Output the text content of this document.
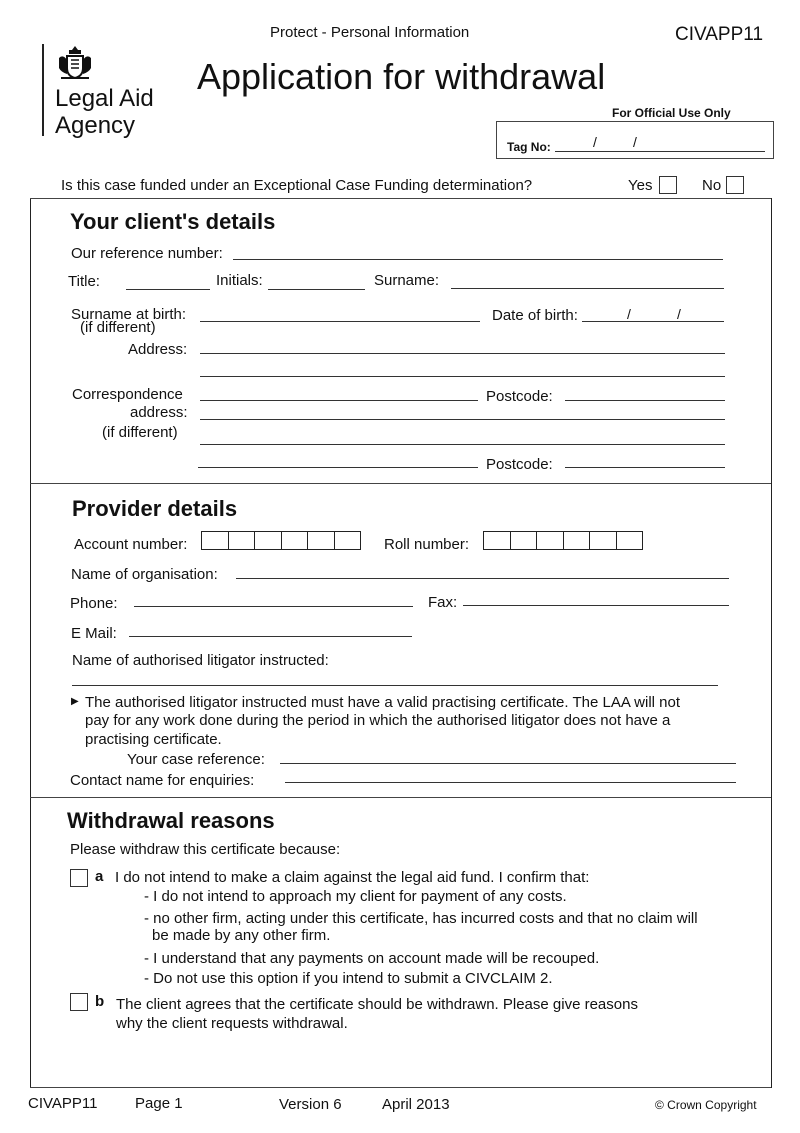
Protect - Personal Information	CIVAPP11
Legal Aid
Agency
Application for withdrawal
For Official Use Only
Tag No:	/	/
Is this case funded under an Exceptional Case Funding determination?	Yes	No
Your client's details
Our reference number:
Title:	Initials:	Surname:
Surname at birth:
(if different)
Date of birth:	/	/
Address:
Correspondence
address:
(if different)
Postcode:
Postcode:
Provider details
Account number:	Roll number:
Name of organisation:
Phone:	Fax:
E Mail:
Name of authorised litigator instructed:
▶ The authorised litigator instructed must have a valid practising certificate. The LAA will not
pay for any work done during the period in which the authorised litigator does not have a
practising certificate.
Your case reference:
Contact name for enquiries:
Withdrawal reasons
Please withdraw this certificate because:
a I do not intend to make a claim against the legal aid fund. I confirm that:
- I do not intend to approach my client for payment of any costs.
- no other firm, acting under this certificate, has incurred costs and that no claim will
be made by any other firm.
- I understand that any payments on account made will be recouped.
- Do not use this option if you intend to submit a CIVCLAIM 2.
b The client agrees that the certificate should be withdrawn. Please give reasons
why the client requests withdrawal.
CIVAPP11	Page 1	Version 6	April 2013	© Crown Copyright
